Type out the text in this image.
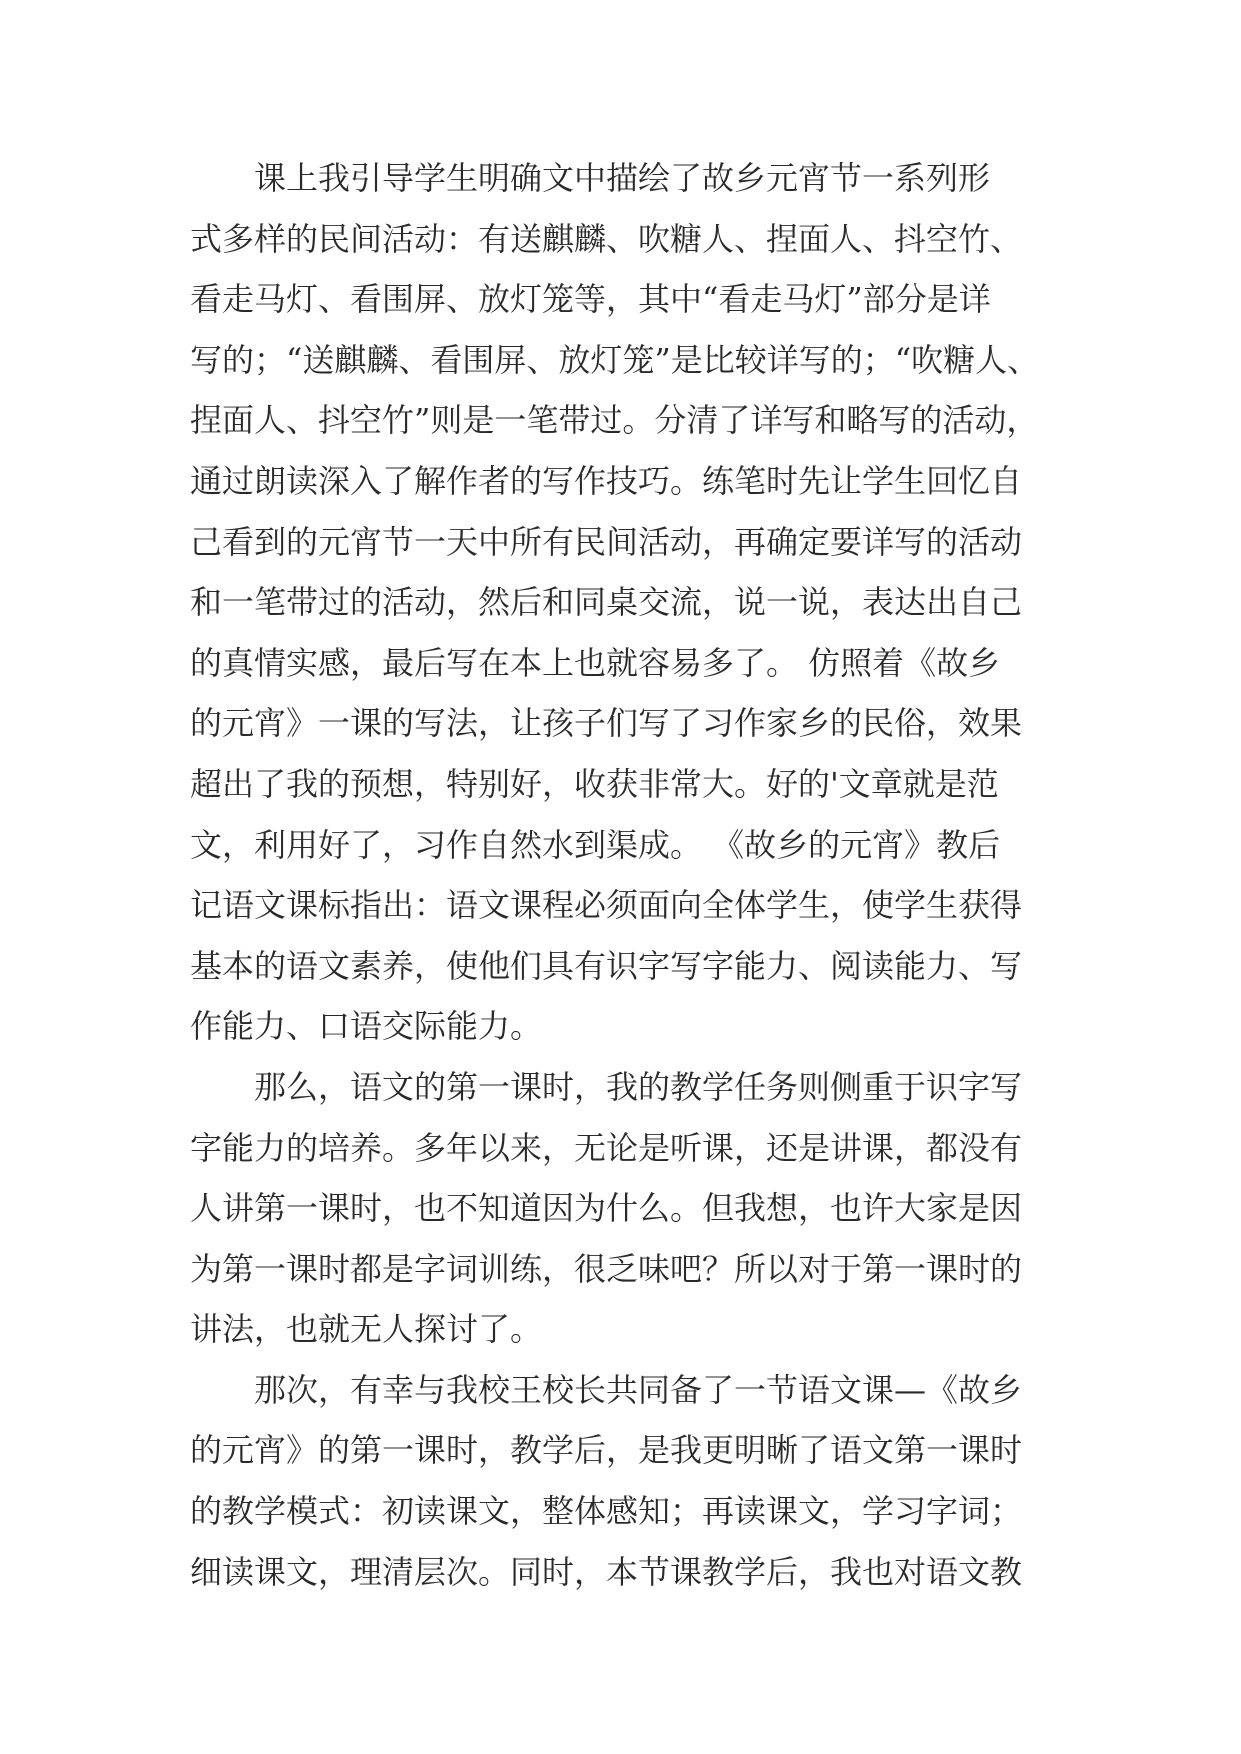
课上我引导学生明确文中描绘了故乡元宵节一系列形
式多样的民间活动：有送麒麟、吹糖人、捏面人、抖空竹、
看走马灯、看围屏、放灯笼等，其中“看走马灯”部分是详
写的；“送麒麟、看围屏、放灯笼”是比较详写的；“吹糖人、
捏面人、抖空竹”则是一笔带过。分清了详写和略写的活动，
通过朗读深入了解作者的写作技巧。练笔时先让学生回忆自
己看到的元宵节一天中所有民间活动，再确定要详写的活动
和一笔带过的活动，然后和同桌交流，说一说，表达出自己
的真情实感，最后写在本上也就容易多了。 仿照着《故乡
的元宵》一课的写法，让孩子们写了习作家乡的民俗，效果
超出了我的预想，特别好，收获非常大。好的'文章就是范
文，利用好了，习作自然水到渠成。 《故乡的元宵》教后
记语文课标指出：语文课程必须面向全体学生，使学生获得
基本的语文素养，使他们具有识字写字能力、阅读能力、写
作能力、口语交际能力。
那么，语文的第一课时，我的教学任务则侧重于识字写
字能力的培养。多年以来，无论是听课，还是讲课，都没有
人讲第一课时，也不知道因为什么。但我想，也许大家是因
为第一课时都是字词训练，很乏味吧？所以对于第一课时的
讲法，也就无人探讨了。
那次，有幸与我校王校长共同备了一节语文课—《故乡
的元宵》的第一课时，教学后，是我更明晰了语文第一课时
的教学模式：初读课文，整体感知；再读课文，学习字词；
细读课文，理清层次。同时，本节课教学后，我也对语文教
